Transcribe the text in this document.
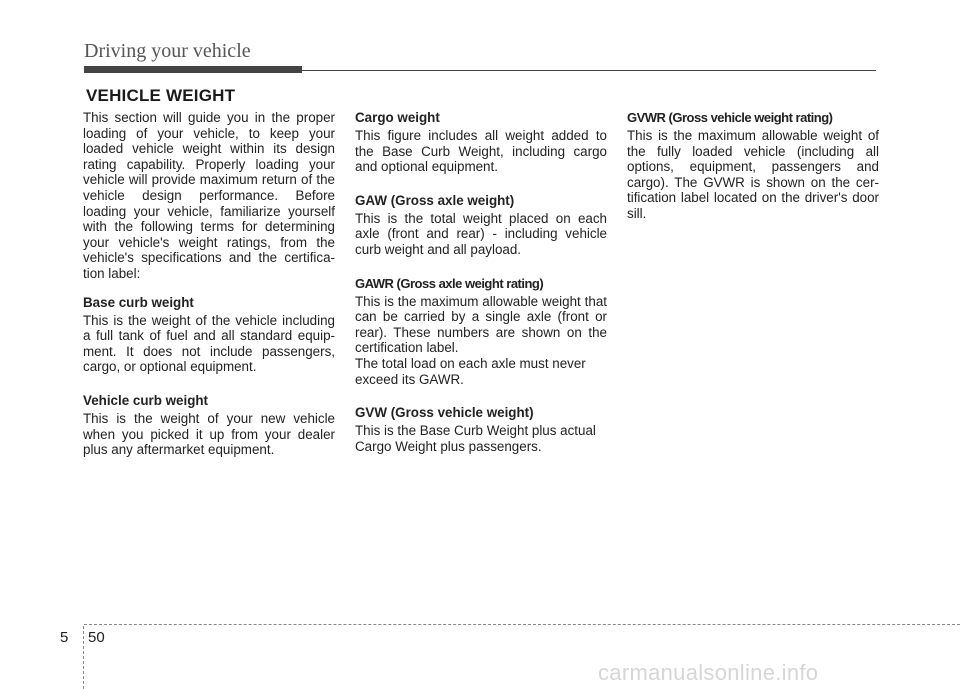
Driving your vehicle
VEHICLE WEIGHT

This section will guide you in the proper loading of your vehicle, to keep your loaded vehicle weight within its design rating capability. Properly loading your vehicle will provide maximum return of the vehicle design performance. Before loading your vehicle, familiarize yourself with the following terms for determining your vehicle's weight ratings, from the vehicle's specifications and the certifica-tion label:

Base curb weight

This is the weight of the vehicle including a full tank of fuel and all standard equip-ment. It does not include passengers, cargo, or optional equipment.

Vehicle curb weight

This is the weight of your new vehicle when you picked it up from your dealer plus any aftermarket equipment.

Cargo weight

This figure includes all weight added to the Base Curb Weight, including cargo and optional equipment.

GAW (Gross axle weight)

This is the total weight placed on each axle (front and rear) - including vehicle curb weight and all payload.

GAWR (Gross axle weight rating)

This is the maximum allowable weight that can be carried by a single axle (front or rear). These numbers are shown on the certification label.

The total load on each axle must never exceed its GAWR.

GVW (Gross vehicle weight)

This is the Base Curb Weight plus actual Cargo Weight plus passengers.

GVWR (Gross vehicle weight rating)

This is the maximum allowable weight of the fully loaded vehicle (including all options, equipment, passengers and cargo). The GVWR is shown on the cer-tification label located on the driver's door sill.

5 50
carmanualsonline.info
